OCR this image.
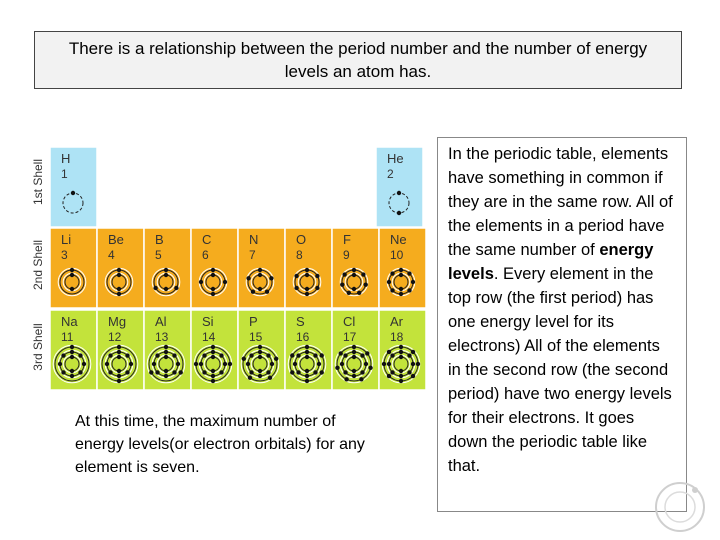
There is a relationship between the period number and the number of energy levels an atom has.
1st Shell
2nd Shell
3rd Shell
H
1
He
2
Li
3
Be
4
B
5
C
6
N
7
O
8
F
9
Ne
10
Na
11
Mg
12
Al
13
Si
14
P
15
S
16
Cl
17
Ar
18
At this time, the maximum number of energy levels(or electron orbitals) for any element is seven.
In the periodic table, elements have something in common if they are in the same row. All of the elements in a period have the same number of energy levels. Every element in the top row (the first period) has one energy level for its electrons) All of the elements in the second row (the second period) have two energy levels for their electrons. It goes down the periodic table like that.
